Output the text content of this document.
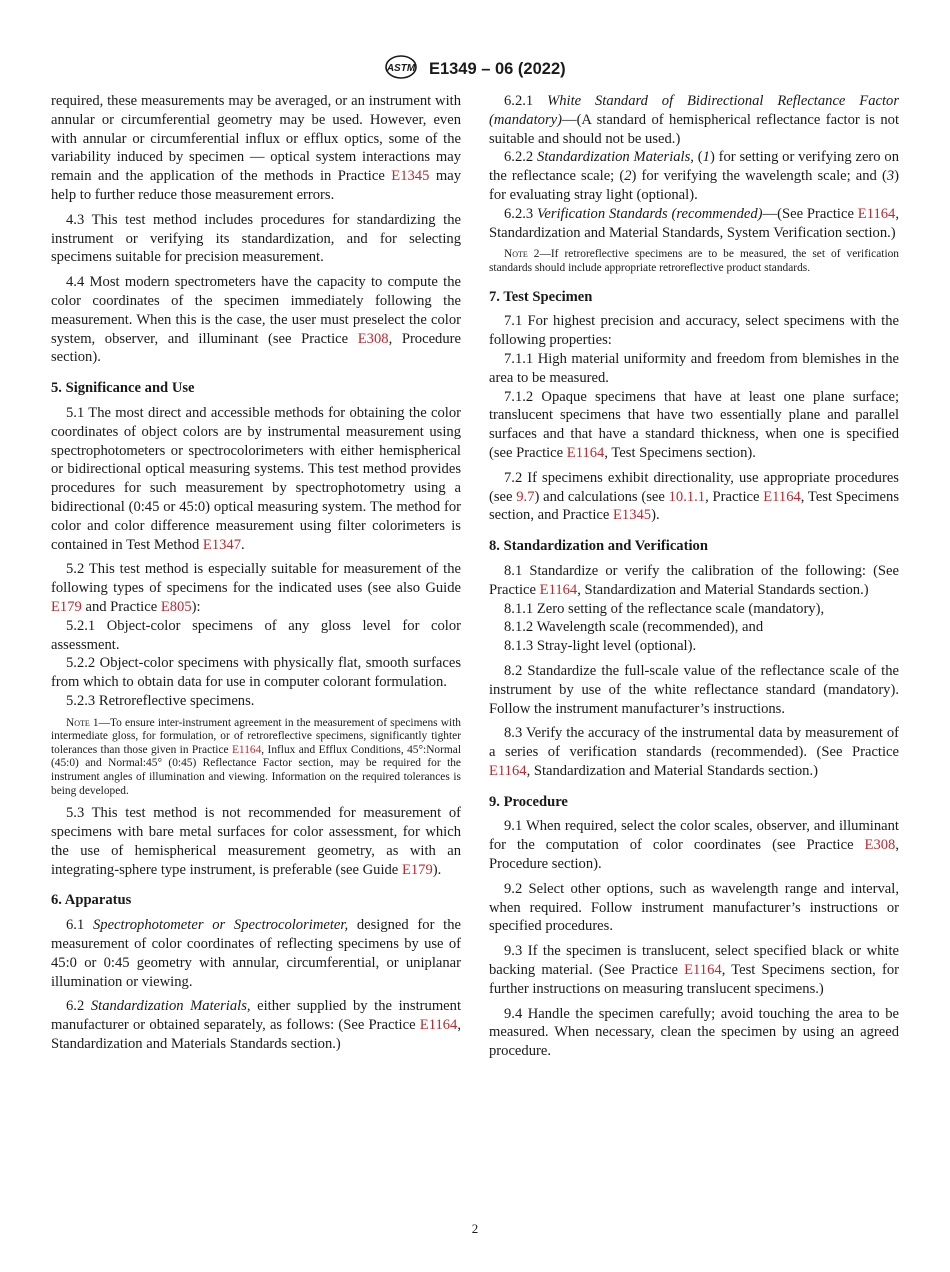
ASTM E1349 – 06 (2022)

required, these measurements may be averaged, or an instrument with annular or circumferential geometry may be used. However, even with annular or circumferential influx or efflux optics, some of the variability induced by specimen — optical system interactions may remain and the application of the methods in Practice E1345 may help to further reduce those measurement errors.

4.3 This test method includes procedures for standardizing the instrument or verifying its standardization, and for selecting specimens suitable for precision measurement.

4.4 Most modern spectrometers have the capacity to compute the color coordinates of the specimen immediately following the measurement. When this is the case, the user must preselect the color system, observer, and illuminant (see Practice E308, Procedure section).

5. Significance and Use

5.1 The most direct and accessible methods for obtaining the color coordinates of object colors are by instrumental measurement using spectrophotometers or spectrocolorimeters with either hemispherical or bidirectional optical measuring systems. This test method provides procedures for such measurement by spectrophotometry using a bidirectional (0:45 or 45:0) optical measuring system. The method for color and color difference measurement using filter colorimeters is contained in Test Method E1347.

5.2 This test method is especially suitable for measurement of the following types of specimens for the indicated uses (see also Guide E179 and Practice E805):

5.2.1 Object-color specimens of any gloss level for color assessment.

5.2.2 Object-color specimens with physically flat, smooth surfaces from which to obtain data for use in computer colorant formulation.

5.2.3 Retroreflective specimens.

Note 1—To ensure inter-instrument agreement in the measurement of specimens with intermediate gloss, for formulation, or of retroreflective specimens, significantly tighter tolerances than those given in Practice E1164, Influx and Efflux Conditions, 45°:Normal (45:0) and Normal:45° (0:45) Reflectance Factor section, may be required for the instrument angles of illumination and viewing. Information on the required tolerances is being developed.

5.3 This test method is not recommended for measurement of specimens with bare metal surfaces for color assessment, for which the use of hemispherical measurement geometry, as with an integrating-sphere type instrument, is preferable (see Guide E179).

6. Apparatus

6.1 Spectrophotometer or Spectrocolorimeter, designed for the measurement of color coordinates of reflecting specimens by use of 45:0 or 0:45 geometry with annular, circumferential, or uniplanar illumination or viewing.

6.2 Standardization Materials, either supplied by the instrument manufacturer or obtained separately, as follows: (See Practice E1164, Standardization and Materials Standards section.)

6.2.1 White Standard of Bidirectional Reflectance Factor (mandatory)—(A standard of hemispherical reflectance factor is not suitable and should not be used.)

6.2.2 Standardization Materials, (1) for setting or verifying zero on the reflectance scale; (2) for verifying the wavelength scale; and (3) for evaluating stray light (optional).

6.2.3 Verification Standards (recommended)—(See Practice E1164, Standardization and Material Standards, System Verification section.)

Note 2—If retroreflective specimens are to be measured, the set of verification standards should include appropriate retroreflective product standards.
7. Test Specimen

7.1 For highest precision and accuracy, select specimens with the following properties:

7.1.1 High material uniformity and freedom from blemishes in the area to be measured.

7.1.2 Opaque specimens that have at least one plane surface; translucent specimens that have two essentially plane and parallel surfaces and that have a standard thickness, when one is specified (see Practice E1164, Test Specimens section).

7.2 If specimens exhibit directionality, use appropriate procedures (see 9.7) and calculations (see 10.1.1, Practice E1164, Test Specimens section, and Practice E1345).

8. Standardization and Verification

8.1 Standardize or verify the calibration of the following: (See Practice E1164, Standardization and Material Standards section.)

8.1.1 Zero setting of the reflectance scale (mandatory),

8.1.2 Wavelength scale (recommended), and

8.1.3 Stray-light level (optional).

8.2 Standardize the full-scale value of the reflectance scale of the instrument by use of the white reflectance standard (mandatory). Follow the instrument manufacturer’s instructions.

8.3 Verify the accuracy of the instrumental data by measurement of a series of verification standards (recommended). (See Practice E1164, Standardization and Material Standards section.)

9. Procedure

9.1 When required, select the color scales, observer, and illuminant for the computation of color coordinates (see Practice E308, Procedure section).

9.2 Select other options, such as wavelength range and interval, when required. Follow instrument manufacturer’s instructions or specified procedures.

9.3 If the specimen is translucent, select specified black or white backing material. (See Practice E1164, Test Specimens section, for further instructions on measuring translucent specimens.)

9.4 Handle the specimen carefully; avoid touching the area to be measured. When necessary, clean the specimen by using an agreed procedure.

2
